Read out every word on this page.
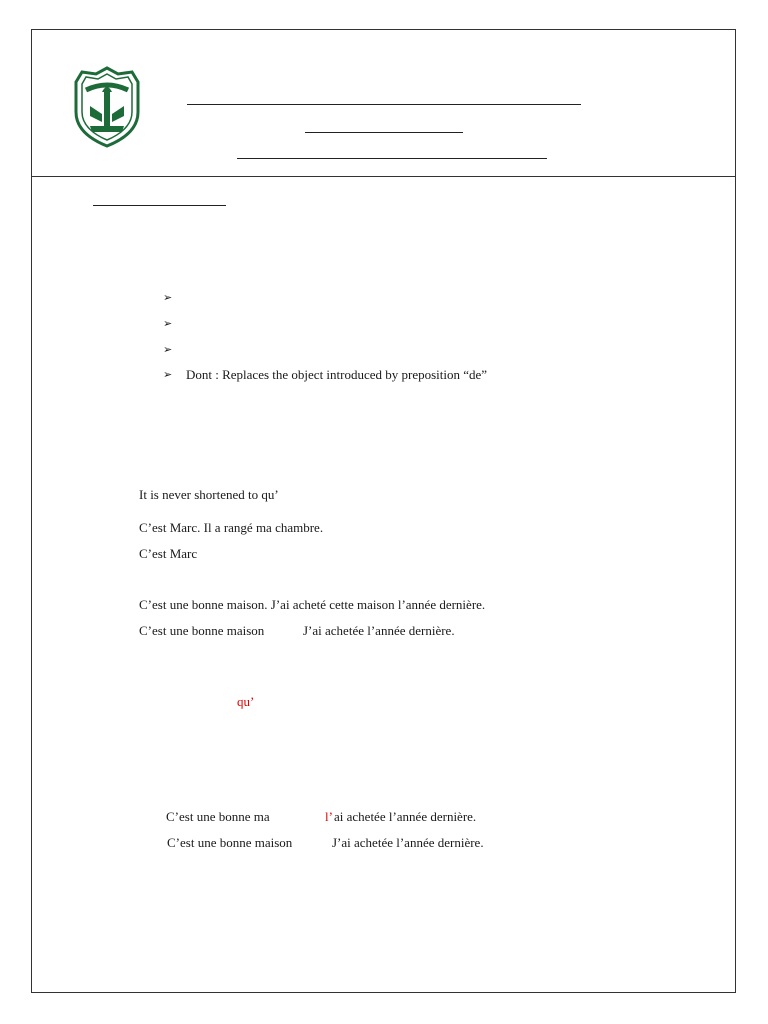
➢
➢
➢
➢ Dont : Replaces the object introduced by preposition “de”
It is never shortened to qu’
C’est Marc. Il a rangé ma chambre.
C’est Marc
C’est une bonne maison. J’ai acheté cette maison l’année dernière.
C’est une bonne maison	J’ai achetée l’année dernière.
qu’
C’est une bonne ma	l’ ai achetée l’année dernière.
C’est une bonne maison	J’ai achetée l’année dernière.
